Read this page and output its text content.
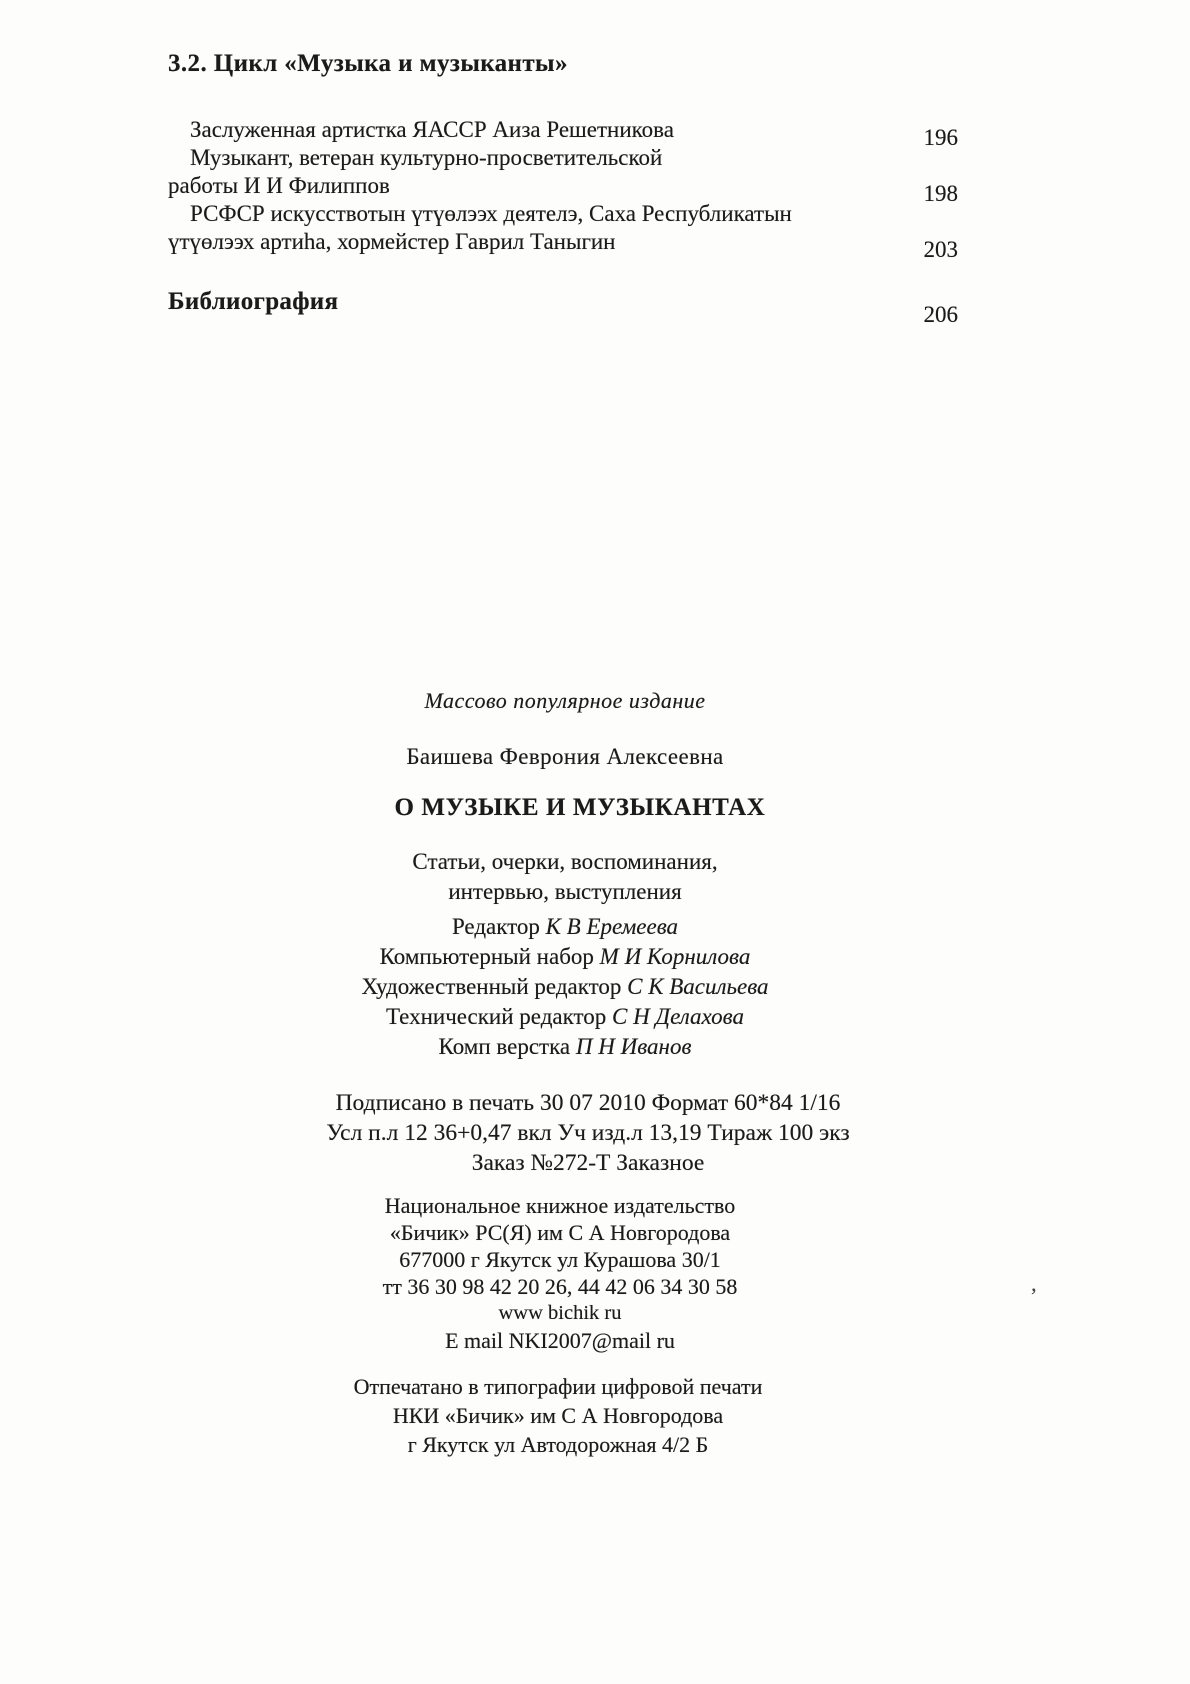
3.2. Цикл «Музыка и музыканты»
Заслуженная артистка ЯАССР Аиза Решетникова	196
Музыкант, ветеран культурно-просветительской
работы И И Филиппов	198
РСФСР искусствотын үтүөлээх деятелэ, Саха Республикатын
үтүөлээх артиhа, хормейстер Гаврил Таныгин	203
Библиография	206
Массово популярное издание
Баишева Феврония Алексеевна
О МУЗЫКЕ И МУЗЫКАНТАХ
Статьи, очерки, воспоминания,
интервью, выступления
Редактор К В Еремеева
Компьютерный набор М И Корнилова
Художественный редактор С К Васильева
Технический редактор С Н Делахова
Комп верстка П Н Иванов
Подписано в печать 30 07 2010 Формат 60*84 1/16
Усл п.л 12 36+0,47 вкл Уч изд.л 13,19 Тираж 100 экз
Заказ №272-Т Заказное
Национальное книжное издательство
«Бичик» РС(Я) им С А Новгородова
677000 г Якутск ул Курашова 30/1
тт 36 30 98 42 20 26, 44 42 06 34 30 58
www bichik ru
E mail NKI2007@mail ru
Отпечатано в типографии цифровой печати
НКИ «Бичик» им С А Новгородова
г Якутск ул Автодорожная 4/2 Б
’
